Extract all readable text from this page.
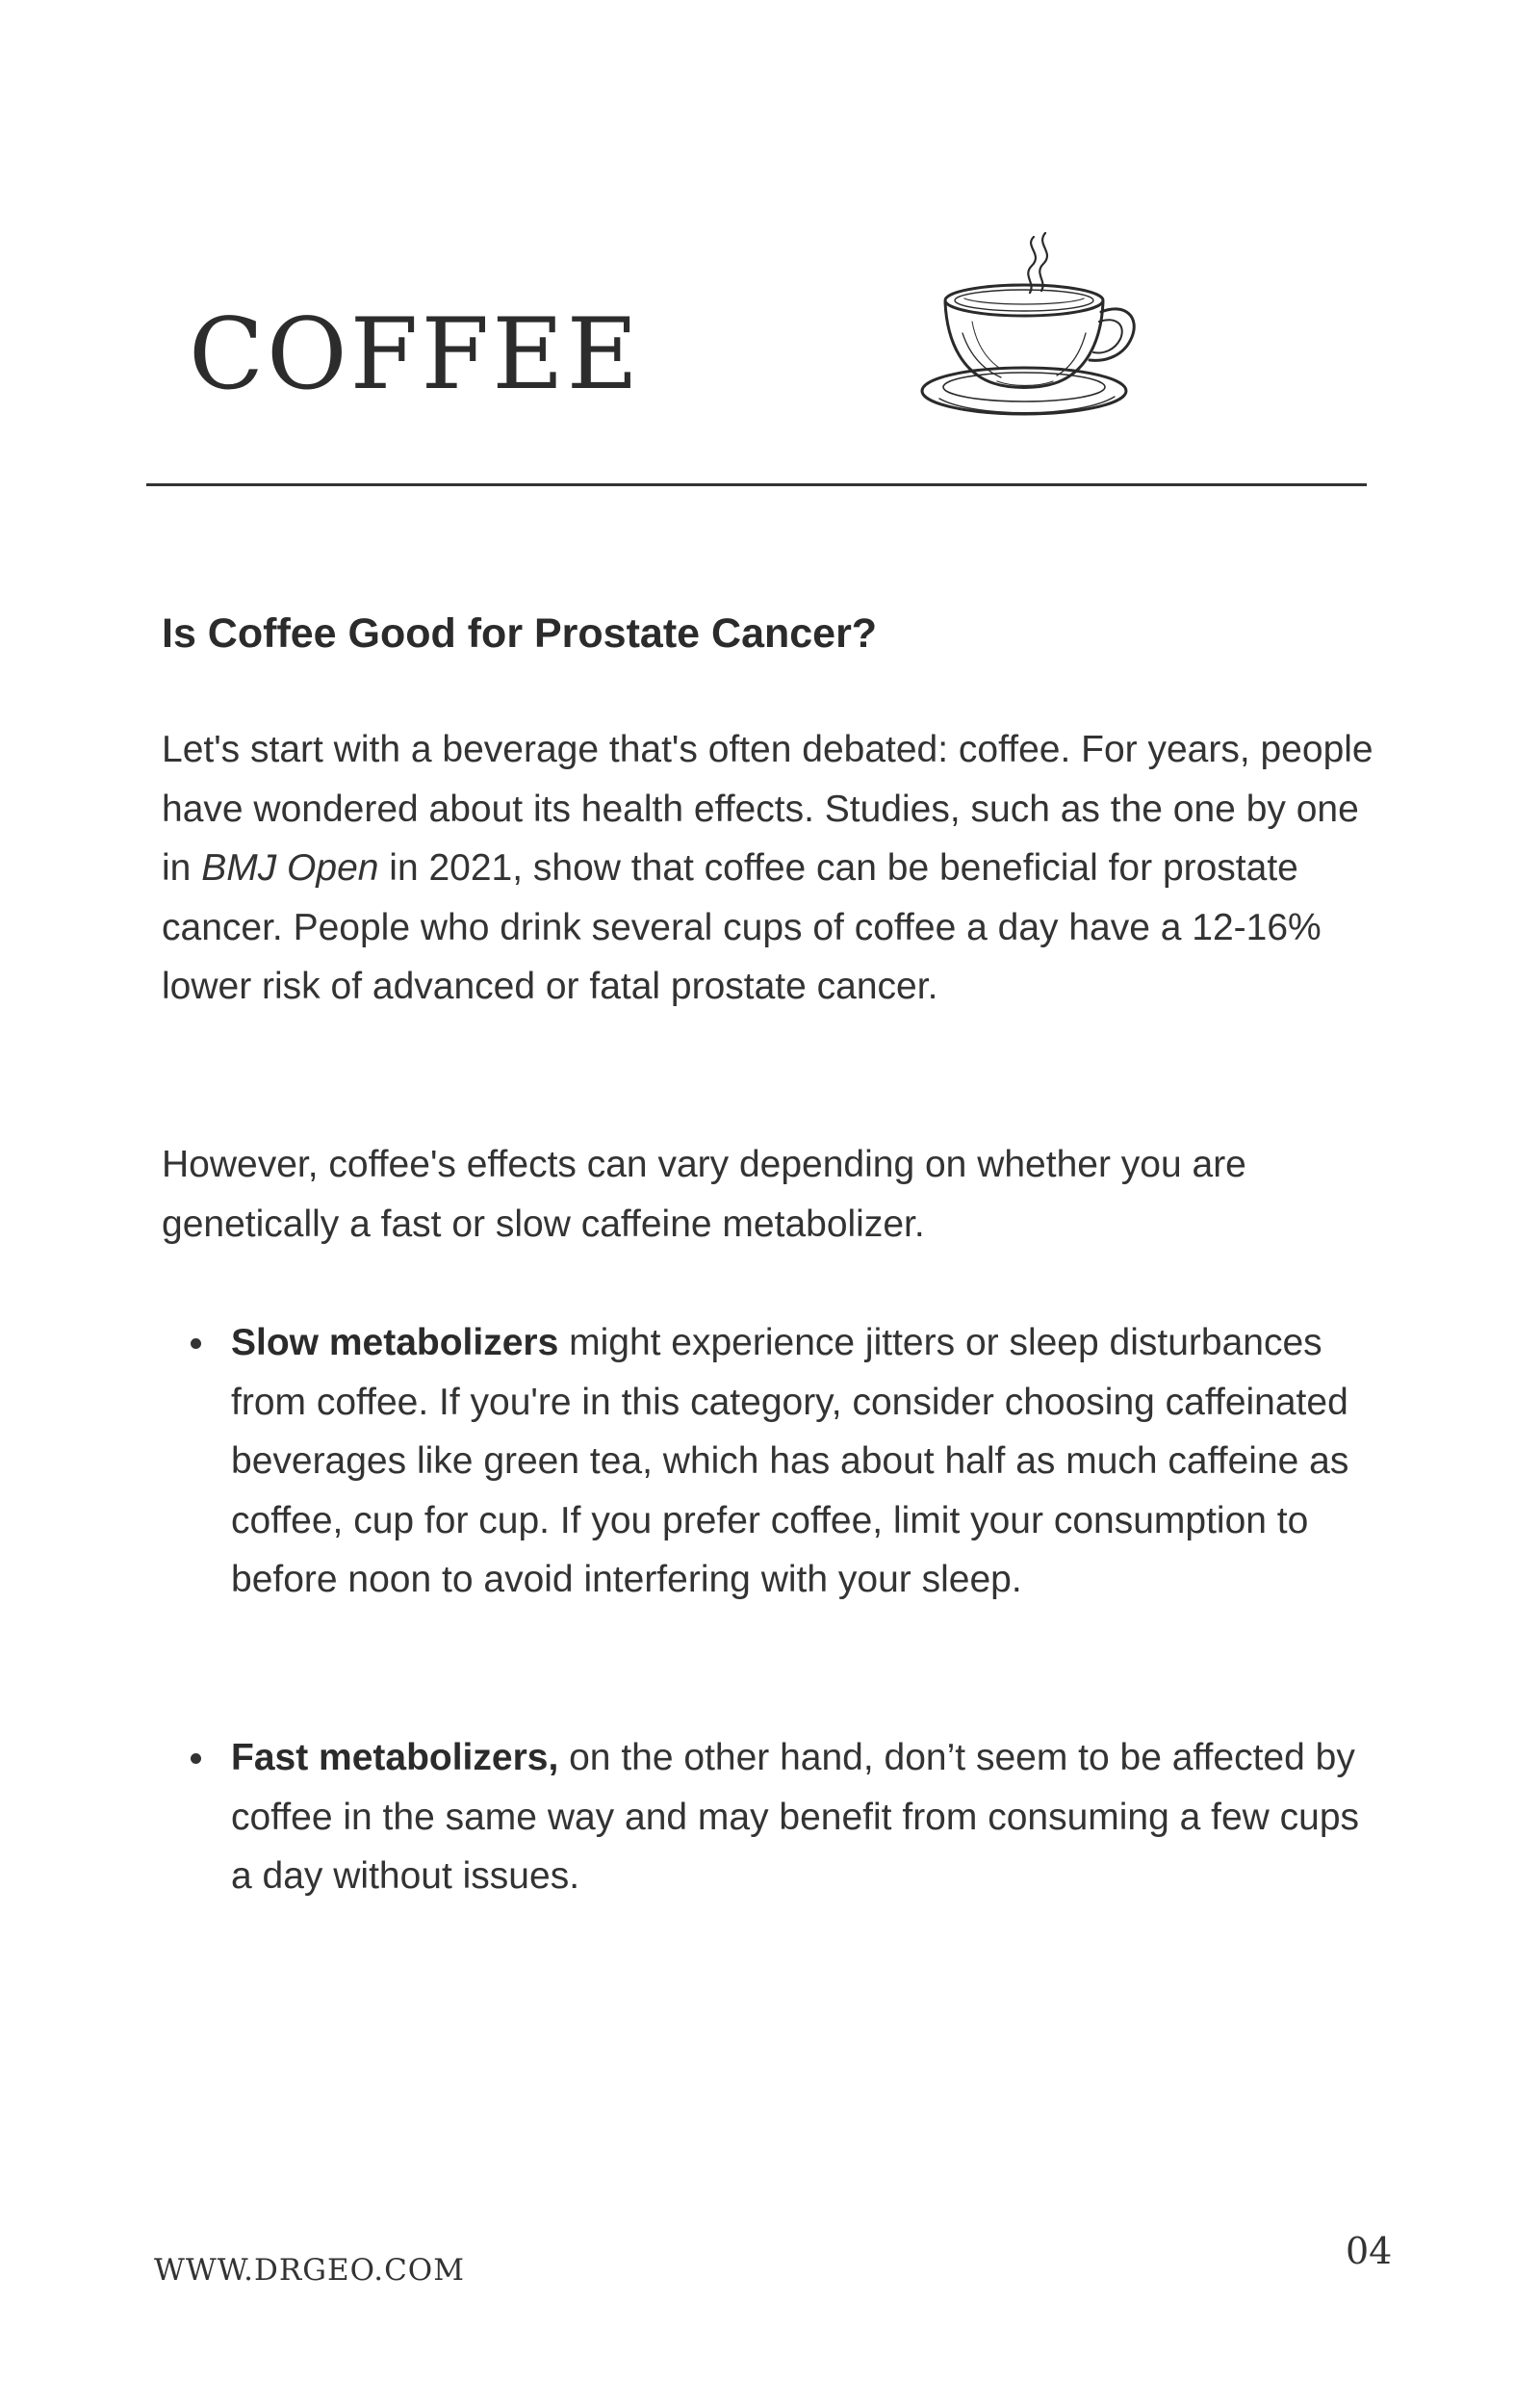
COFFEE
Is Coffee Good for Prostate Cancer?

Let's start with a beverage that's often debated: coffee. For years, people have wondered about its health effects. Studies, such as the one by one in BMJ Open in 2021, show that coffee can be beneficial for prostate cancer. People who drink several cups of coffee a day have a 12-16% lower risk of advanced or fatal prostate cancer.

However, coffee's effects can vary depending on whether you are genetically a fast or slow caffeine metabolizer.

Slow metabolizers might experience jitters or sleep disturbances from coffee. If you're in this category, consider choosing caffeinated beverages like green tea, which has about half as much caffeine as coffee, cup for cup. If you prefer coffee, limit your consumption to before noon to avoid interfering with your sleep.
Fast metabolizers, on the other hand, don’t seem to be affected by coffee in the same way and may benefit from consuming a few cups a day without issues.
WWW.DRGEO.COM	04
